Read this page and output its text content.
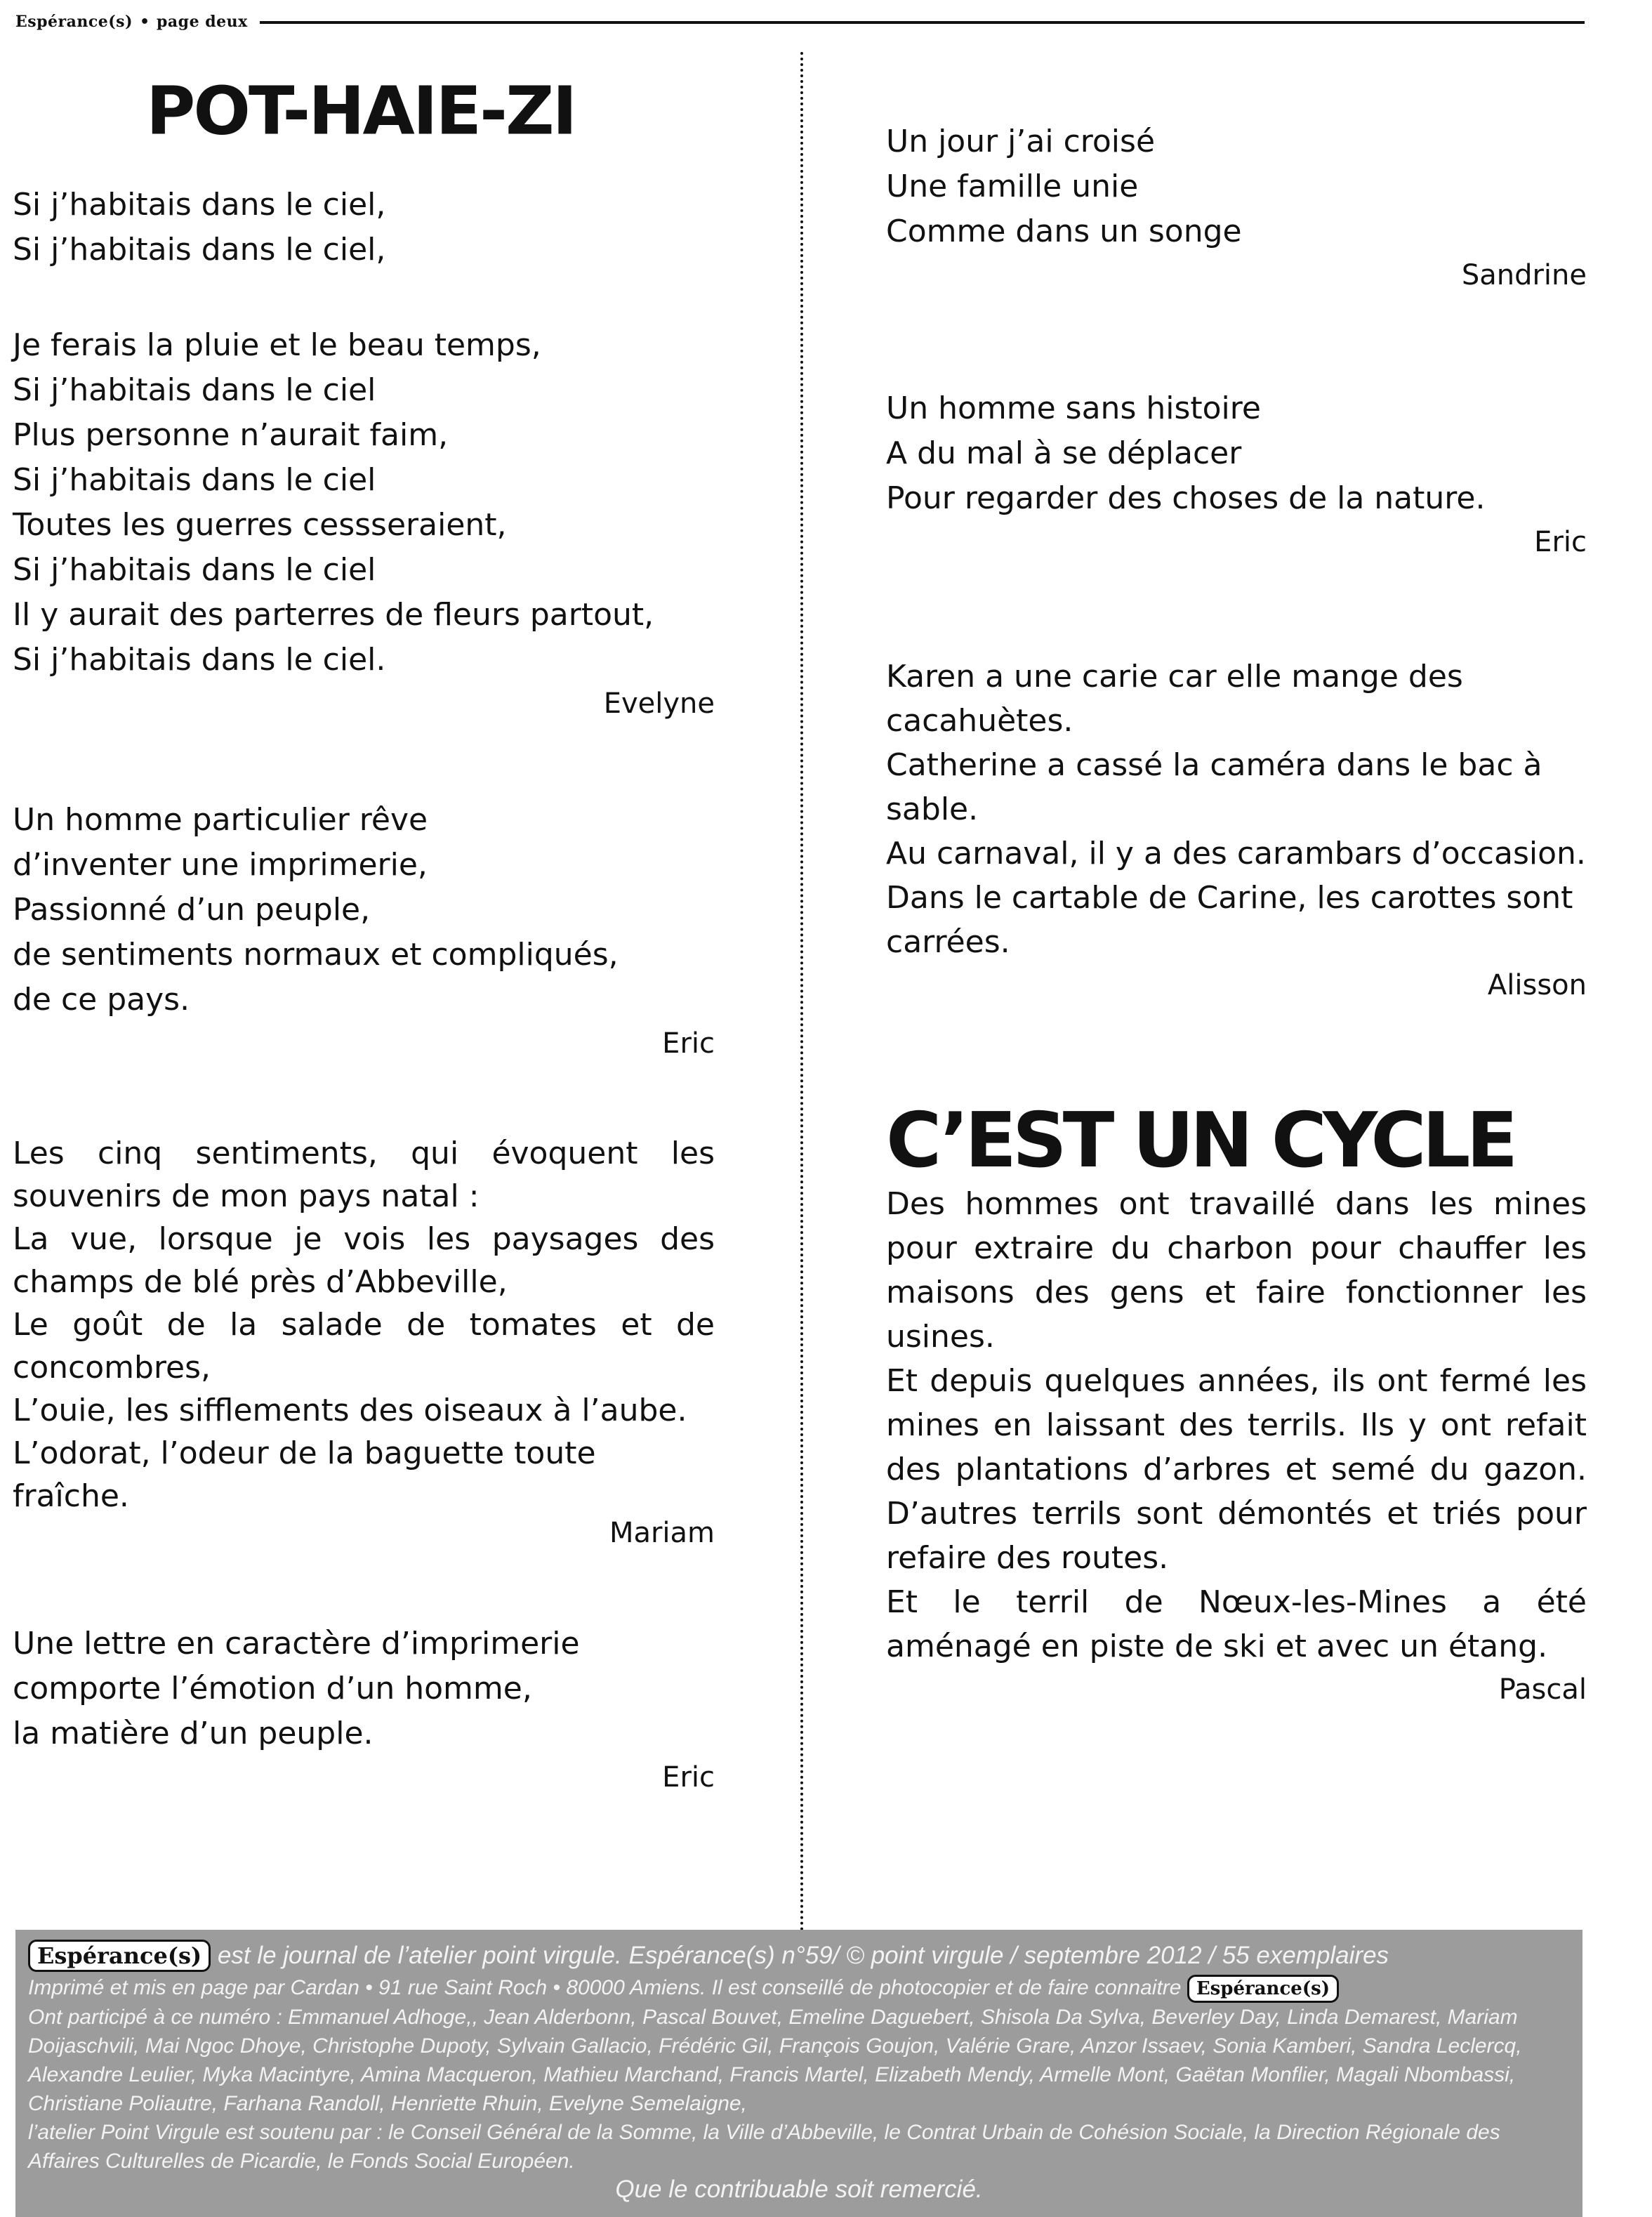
Espérance(s) • page deux
POT-HAIE-ZI
Si j’habitais dans le ciel,
Si j’habitais dans le ciel,
Je ferais la pluie et le beau temps,
Si j’habitais dans le ciel
Plus personne n’aurait faim,
Si j’habitais dans le ciel
Toutes les guerres cessseraient,
Si j’habitais dans le ciel
Il y aurait des parterres de fleurs partout,
Si j’habitais dans le ciel.

Evelyne

Un homme particulier rêve
d’inventer une imprimerie,
Passionné d’un peuple,
de sentiments normaux et compliqués,
de ce pays.

Eric

Les cinq sentiments, qui évoquent les souvenirs de mon pays natal :

La vue, lorsque je vois les paysages des champs de blé près d’Abbeville,

Le goût de la salade de tomates et de concombres,

L’ouie, les sifflements des oiseaux à l’aube.

L’odorat, l’odeur de la baguette toute fraîche.

Mariam

Une lettre en caractère d’imprimerie
comporte l’émotion d’un homme,
la matière d’un peuple.

Eric

Un jour j’ai croisé
Une famille unie
Comme dans un songe

Sandrine

Un homme sans histoire
A du mal à se déplacer
Pour regarder des choses de la nature.

Eric

Karen a une carie car elle mange des cacahuètes.

Catherine a cassé la caméra dans le bac à sable.

Au carnaval, il y a des carambars d’occasion.

Dans le cartable de Carine, les carottes sont carrées.

Alisson

C’EST UN CYCLE

Des hommes ont travaillé dans les mines pour extraire du charbon pour chauffer les maisons des gens et faire fonctionner les usines.

Et depuis quelques années, ils ont fermé les mines en laissant des terrils. Ils y ont refait des plantations d’arbres et semé du gazon. D’autres terrils sont démontés et triés pour refaire des routes.

Et le terril de Nœux-les-Mines a été aménagé en piste de ski et avec un étang.

Pascal

Espérance(s) est le journal de l’atelier point virgule. Espérance(s) n°59/ © point virgule / septembre 2012 / 55 exemplaires
Imprimé et mis en page par Cardan • 91 rue Saint Roch • 80000 Amiens. Il est conseillé de photocopier et de faire connaitre Espérance(s)
Ont participé à ce numéro : Emmanuel Adhoge,, Jean Alderbonn, Pascal Bouvet, Emeline Daguebert, Shisola Da Sylva, Beverley Day, Linda Demarest, Mariam Doijaschvili, Mai Ngoc Dhoye, Christophe Dupoty, Sylvain Gallacio, Frédéric Gil, François Goujon, Valérie Grare, Anzor Issaev, Sonia Kamberi, Sandra Leclercq, Alexandre Leulier, Myka Macintyre, Amina Macqueron, Mathieu Marchand, Francis Martel, Elizabeth Mendy, Armelle Mont, Gaëtan Monflier, Magali Nbombassi, Christiane Poliautre, Farhana Randoll, Henriette Rhuin, Evelyne Semelaigne,
l’atelier Point Virgule est soutenu par : le Conseil Général de la Somme, la Ville d’Abbeville, le Contrat Urbain de Cohésion Sociale, la Direction Régionale des Affaires Culturelles de Picardie, le Fonds Social Européen.
Que le contribuable soit remercié.
